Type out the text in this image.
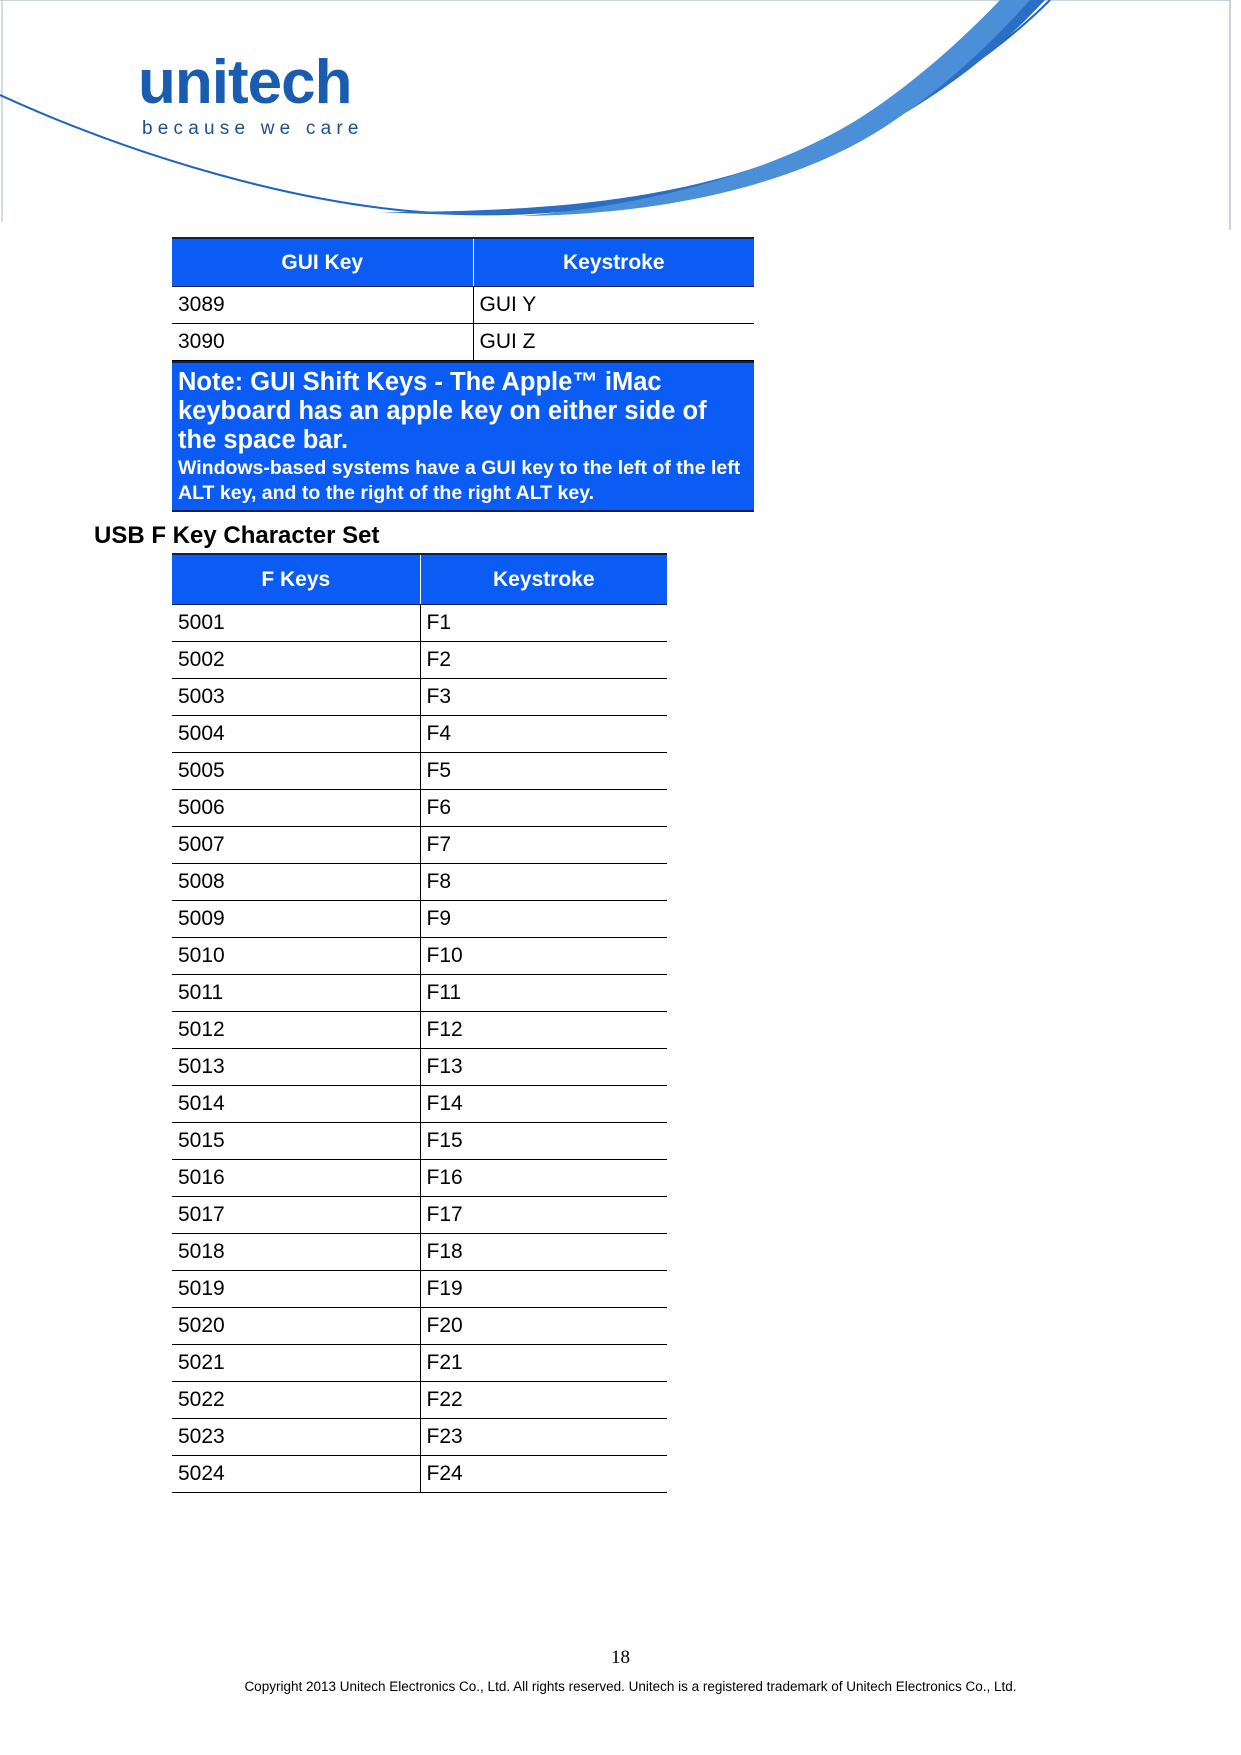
unitech
because we care
GUI Key	Keystroke
3089	GUI Y
3090	GUI Z
Note: GUI Shift Keys - The Apple™ iMac keyboard has an apple key on either side of the space bar.
Windows-based systems have a GUI key to the left of the left ALT key, and to the right of the right ALT key.
USB F Key Character Set
F Keys	Keystroke
5001	F1
5002	F2
5003	F3
5004	F4
5005	F5
5006	F6
5007	F7
5008	F8
5009	F9
5010	F10
5011	F11
5012	F12
5013	F13
5014	F14
5015	F15
5016	F16
5017	F17
5018	F18
5019	F19
5020	F20
5021	F21
5022	F22
5023	F23
5024	F24
18
Copyright 2013 Unitech Electronics Co., Ltd. All rights reserved. Unitech is a registered trademark of Unitech Electronics Co., Ltd.
